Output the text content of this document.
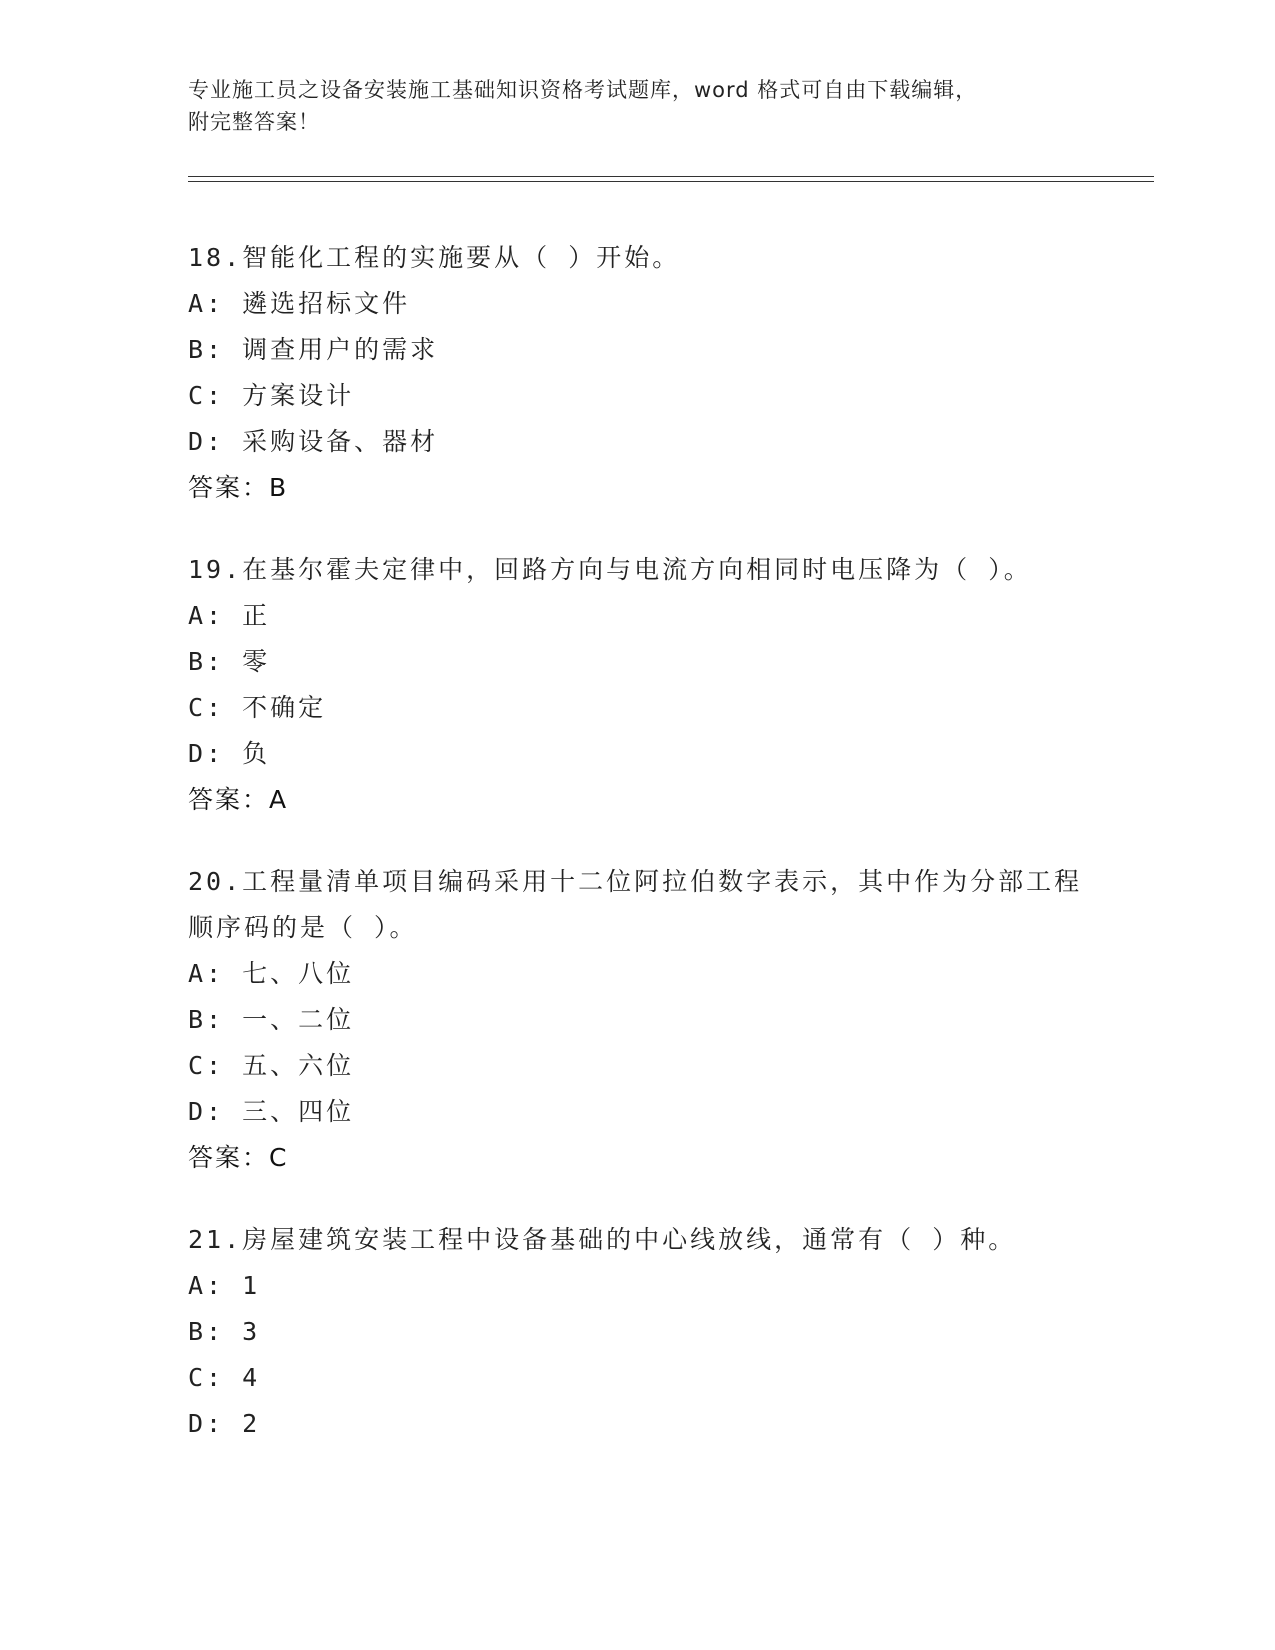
专业施工员之设备安装施工基础知识资格考试题库，word 格式可自由下载编辑，
附完整答案！
18.智能化工程的实施要从（ ）开始。
A: 遴选招标文件
B: 调查用户的需求
C: 方案设计
D: 采购设备、器材
答案：B
19.在基尔霍夫定律中，回路方向与电流方向相同时电压降为（ ）。
A: 正
B: 零
C: 不确定
D: 负
答案：A
20.工程量清单项目编码采用十二位阿拉伯数字表示，其中作为分部工程顺序码的是（ ）。
A: 七、八位
B: 一、二位
C: 五、六位
D: 三、四位
答案：C
21.房屋建筑安装工程中设备基础的中心线放线，通常有（ ）种。
A: 1
B: 3
C: 4
D: 2
